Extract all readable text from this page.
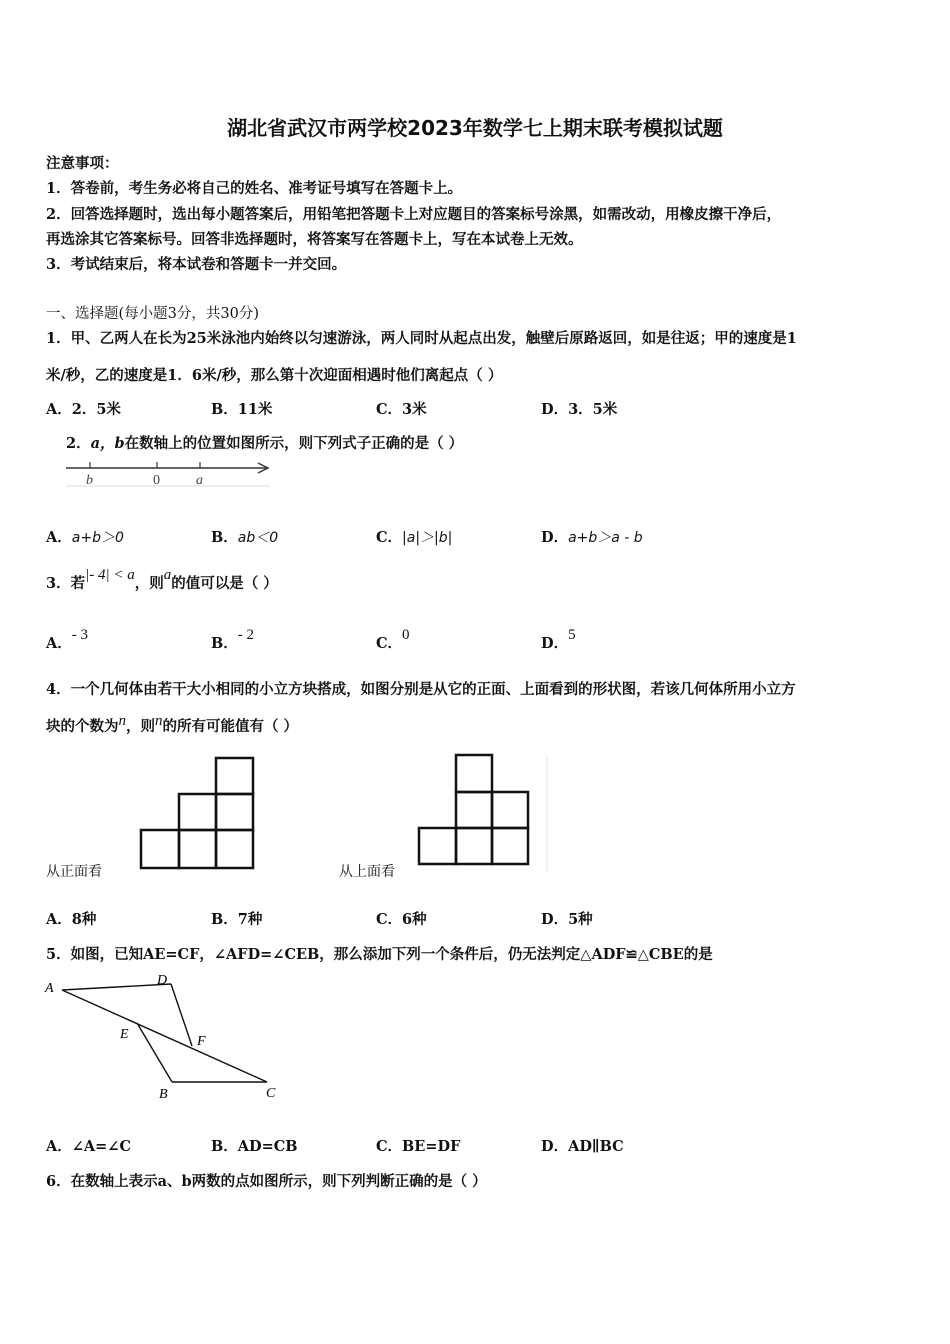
湖北省武汉市两学校2023年数学七上期末联考模拟试题
注意事项：
1．答卷前，考生务必将自己的姓名、准考证号填写在答题卡上。
2．回答选择题时，选出每小题答案后，用铅笔把答题卡上对应题目的答案标号涂黑，如需改动，用橡皮擦干净后，
再选涂其它答案标号。回答非选择题时，将答案写在答题卡上，写在本试卷上无效。
3．考试结束后，将本试卷和答题卡一并交回。
一、选择题(每小题3分，共30分)
1．甲、乙两人在长为25米泳池内始终以匀速游泳，两人同时从起点出发，触壁后原路返回，如是往返；甲的速度是1
米/秒，乙的速度是1．6米/秒，那么第十次迎面相遇时他们离起点（ ）
A．2．5米	B．11米	C．3米	D．3．5米
2．a，b在数轴上的位置如图所示，则下列式子正确的是（ ）
b	0	a
A．a+b＞0	B．ab＜0	C．|a|＞|b|	D．a+b＞a - b
3．若|- 4| < a，则a的值可以是（ ）
A．- 3	B．- 2	C．0	D．5
4．一个几何体由若干大小相同的小立方块搭成，如图分别是从它的正面、上面看到的形状图，若该几何体所用小立方
块的个数为n，则n的所有可能值有（ ）
从正面看	从上面看
A．8种	B．7种	C．6种	D．5种
5．如图，已知AE=CF，∠AFD=∠CEB，那么添加下列一个条件后，仍无法判定△ADF≌△CBE的是
A
D
E	F
B	C
A．∠A=∠C	B．AD=CB	C．BE=DF	D．AD∥BC
6．在数轴上表示a、b两数的点如图所示，则下列判断正确的是（ ）
